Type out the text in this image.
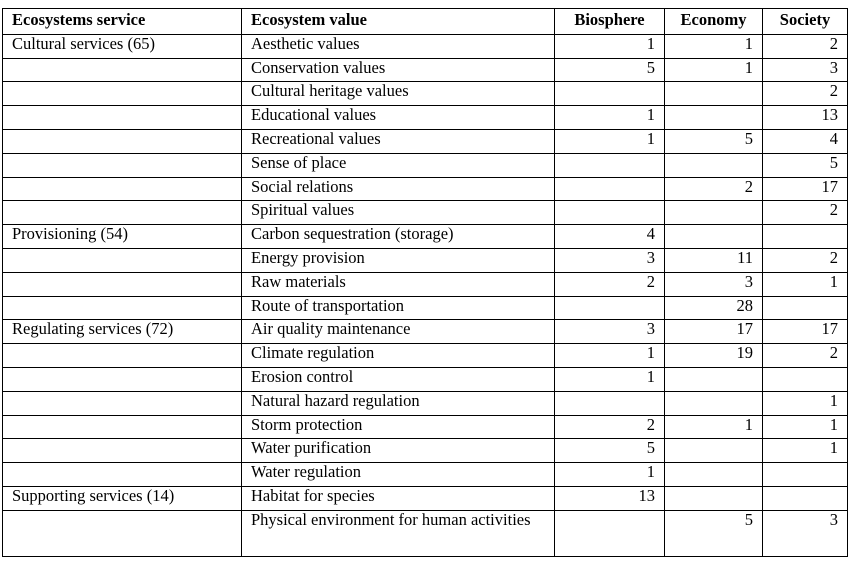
Ecosystems service	Ecosystem value	Biosphere	Economy	Society
Cultural services (65)	Aesthetic values	1	1	2
	Conservation values	5	1	3
	Cultural heritage values			2
	Educational values	1		13
	Recreational values	1	5	4
	Sense of place			5
	Social relations		2	17
	Spiritual values			2
Provisioning (54)	Carbon sequestration (storage)	4		
	Energy provision	3	11	2
	Raw materials	2	3	1
	Route of transportation		28	
Regulating services (72)	Air quality maintenance	3	17	17
	Climate regulation	1	19	2
	Erosion control	1		
	Natural hazard regulation			1
	Storm protection	2	1	1
	Water purification	5		1
	Water regulation	1		
Supporting services (14)	Habitat for species	13		
	Physical environment for human activities		5	3
